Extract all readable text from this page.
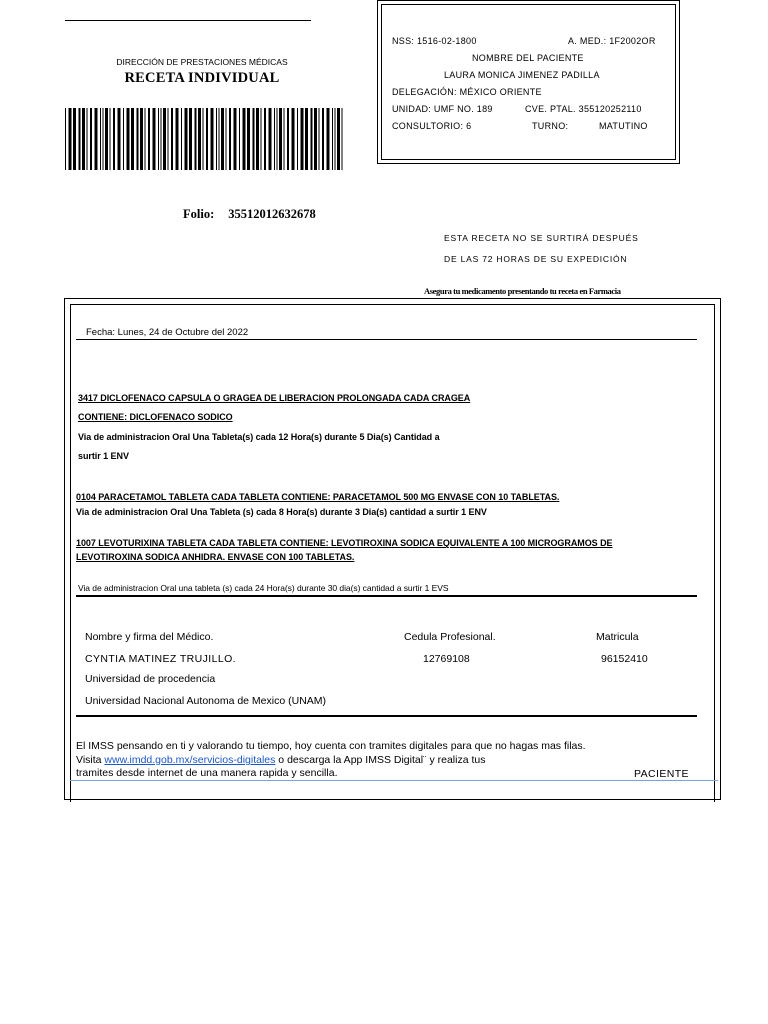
DIRECCIÓN DE PRESTACIONES MÉDICAS
RECETA INDIVIDUAL
NSS: 1516-02-1800	A. MED.: 1F2002OR
NOMBRE DEL PACIENTE
LAURA MONICA JIMENEZ PADILLA
DELEGACIÓN: MÉXICO ORIENTE
UNIDAD: UMF NO. 189	CVE. PTAL. 355120252110
CONSULTORIO: 6	TURNO:	MATUTINO
Folio: 35512012632678
ESTA RECETA NO SE SURTIRÁ DESPUÉS
DE LAS 72 HORAS DE SU EXPEDICIÓN
Asegura tu medicamento presentando tu receta en Farmacia
Fecha: Lunes, 24 de Octubre del 2022
3417 DICLOFENACO CAPSULA O GRAGEA DE LIBERACION PROLONGADA CADA CRAGEA
CONTIENE: DICLOFENACO SODICO
Via de administracion Oral Una Tableta(s) cada 12 Hora(s) durante 5 Dia(s) Cantidad a
surtir 1 ENV
0104 PARACETAMOL TABLETA CADA TABLETA CONTIENE: PARACETAMOL 500 MG ENVASE CON 10 TABLETAS.
Via de administracion Oral Una Tableta (s) cada 8 Hora(s) durante 3 Dia(s) cantidad a surtir 1 ENV
1007 LEVOTURIXINA TABLETA CADA TABLETA CONTIENE: LEVOTIROXINA SODICA EQUIVALENTE A 100 MICROGRAMOS DE
LEVOTIROXINA SODICA ANHIDRA. ENVASE CON 100 TABLETAS.
Via de administracion Oral una tableta (s) cada 24 Hora(s) durante 30 dia(s) cantidad a surtir 1 EVS
Nombre y firma del Médico.	Cedula Profesional.	Matricula
CYNTIA MATINEZ TRUJILLO.	12769108	96152410
Universidad de procedencia
Universidad Nacional Autonoma de Mexico (UNAM)
El IMSS pensando en ti y valorando tu tiempo, hoy cuenta con tramites digitales para que no hagas mas filas.
Visita www.imdd.gob.mx/servicios-digitales o descarga la App IMSS Digital¨ y realiza tus
tramites desde internet de una manera rapida y sencilla.	PACIENTE
